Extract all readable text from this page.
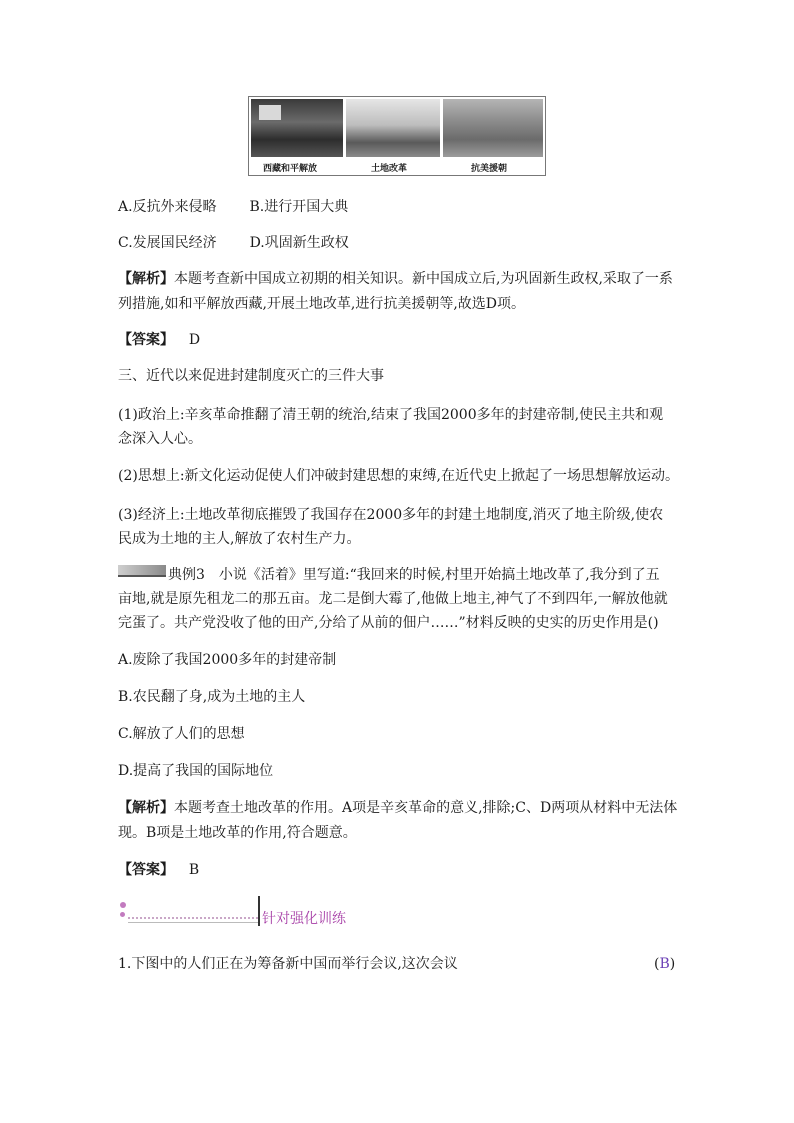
西藏和平解放	土地改革	抗美援朝
A.反抗外来侵略 B.进行开国大典
C.发展国民经济 D.巩固新生政权
【解析】本题考查新中国成立初期的相关知识。新中国成立后,为巩固新生政权,采取了一系
列措施,如和平解放西藏,开展土地改革,进行抗美援朝等,故选D项。
【答案】 D
三、近代以来促进封建制度灭亡的三件大事
(1)政治上:辛亥革命推翻了清王朝的统治,结束了我国2000多年的封建帝制,使民主共和观
念深入人心。
(2)思想上:新文化运动促使人们冲破封建思想的束缚,在近代史上掀起了一场思想解放运动。
(3)经济上:土地改革彻底摧毁了我国存在2000多年的封建土地制度,消灭了地主阶级,使农
民成为土地的主人,解放了农村生产力。
典例3　小说《活着》里写道:“我回来的时候,村里开始搞土地改革了,我分到了五
亩地,就是原先租龙二的那五亩。龙二是倒大霉了,他做上地主,神气了不到四年,一解放他就
完蛋了。共产党没收了他的田产,分给了从前的佃户……”材料反映的史实的历史作用是()
A.废除了我国2000多年的封建帝制
B.农民翻了身,成为土地的主人
C.解放了人们的思想
D.提高了我国的国际地位
【解析】本题考查土地改革的作用。A项是辛亥革命的意义,排除;C、D两项从材料中无法体
现。B项是土地改革的作用,符合题意。
【答案】 B
针对强化训练
1.下图中的人们正在为筹备新中国而举行会议,这次会议	(B)
